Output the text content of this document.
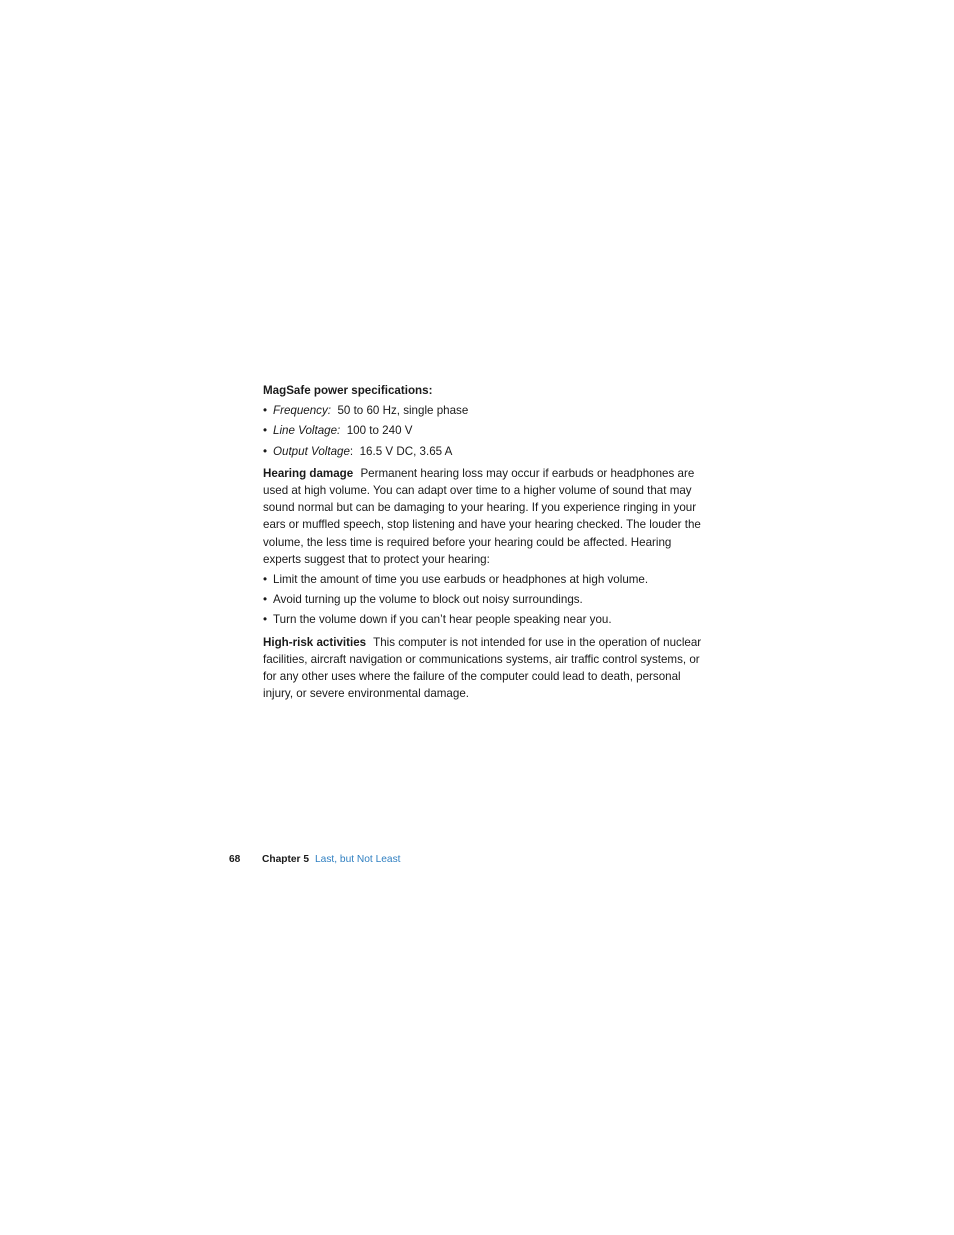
MagSafe power specifications:
• Frequency: 50 to 60 Hz, single phase
• Line Voltage: 100 to 240 V
• Output Voltage: 16.5 V DC, 3.65 A

Hearing damage Permanent hearing loss may occur if earbuds or headphones are used at high volume. You can adapt over time to a higher volume of sound that may sound normal but can be damaging to your hearing. If you experience ringing in your ears or muffled speech, stop listening and have your hearing checked. The louder the volume, the less time is required before your hearing could be affected. Hearing experts suggest that to protect your hearing:

• Limit the amount of time you use earbuds or headphones at high volume.
• Avoid turning up the volume to block out noisy surroundings.
• Turn the volume down if you can’t hear people speaking near you.

High-risk activities This computer is not intended for use in the operation of nuclear facilities, aircraft navigation or communications systems, air traffic control systems, or for any other uses where the failure of the computer could lead to death, personal injury, or severe environmental damage.

68 Chapter 5 Last, but Not Least
